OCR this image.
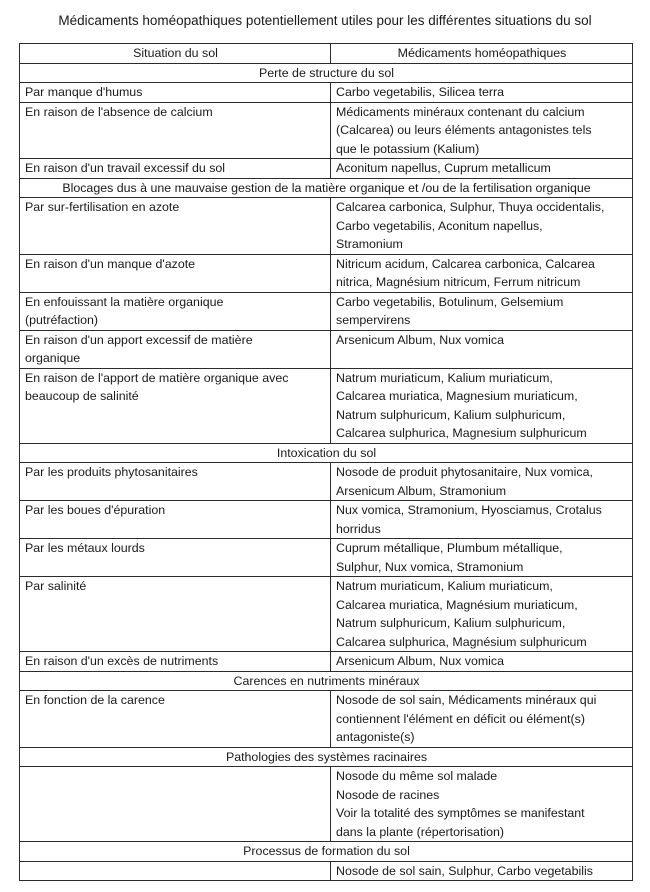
Médicaments homéopathiques potentiellement utiles pour les différentes situations du sol
Situation du sol	Médicaments homéopathiques
Perte de structure du sol	

Par manque d'humus	Carbo vegetabilis, Silicea terra

En raison de l'absence de calcium	Médicaments minéraux contenant du calcium
(Calcarea) ou leurs éléments antagonistes tels
que le potassium (Kalium)

En raison d'un travail excessif du sol	Aconitum napellus, Cuprum metallicum

Blocages dus à une mauvaise gestion de la matière organique et /ou de la fertilisation organique	

Par sur-fertilisation en azote	Calcarea carbonica, Sulphur, Thuya occidentalis,
Carbo vegetabilis, Aconitum napellus,
Stramonium

En raison d'un manque d'azote	Nitricum acidum, Calcarea carbonica, Calcarea
nitrica, Magnésium nitricum, Ferrum nitricum

En enfouissant la matière organique
(putréfaction)	Carbo vegetabilis, Botulinum, Gelsemium
sempervirens

En raison d'un apport excessif de matière
organique	Arsenicum Album, Nux vomica

En raison de l'apport de matière organique avec
beaucoup de salinité	Natrum muriaticum, Kalium muriaticum,
Calcarea muriatica, Magnesium muriaticum,
Natrum sulphuricum, Kalium sulphuricum,
Calcarea sulphurica, Magnesium sulphuricum

Intoxication du sol	

Par les produits phytosanitaires	Nosode de produit phytosanitaire, Nux vomica,
Arsenicum Album, Stramonium

Par les boues d'épuration	Nux vomica, Stramonium, Hyosciamus, Crotalus
horridus

Par les métaux lourds	Cuprum métallique, Plumbum métallique,
Sulphur, Nux vomica, Stramonium

Par salinité	Natrum muriaticum, Kalium muriaticum,
Calcarea muriatica, Magnésium muriaticum,
Natrum sulphuricum, Kalium sulphuricum,
Calcarea sulphurica, Magnésium sulphuricum

En raison d'un excès de nutriments	Arsenicum Album, Nux vomica

Carences en nutriments minéraux	

En fonction de la carence	Nosode de sol sain, Médicaments minéraux qui
contiennent l'élément en déficit ou élément(s)
antagoniste(s)

Pathologies des systèmes racinaires	

	Nosode du même sol malade
Nosode de racines
Voir la totalité des symptômes se manifestant
dans la plante (répertorisation)

Processus de formation du sol	

	Nosode de sol sain, Sulphur, Carbo vegetabilis
